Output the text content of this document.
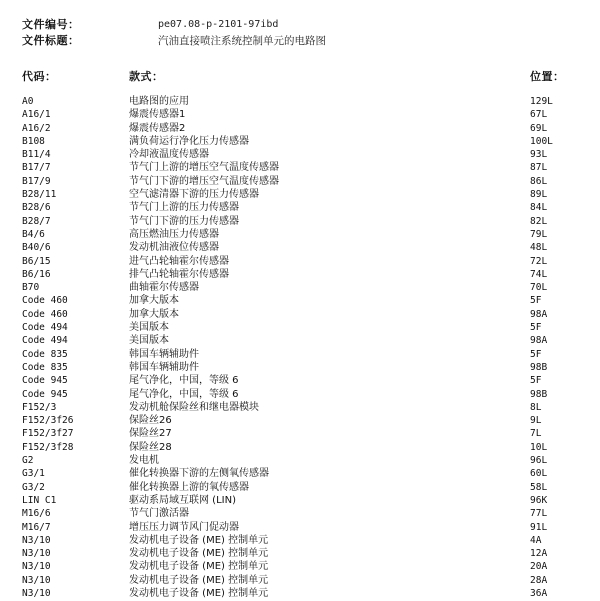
文件编号：	pe07.08-p-2101-97ibd
文件标题：	汽油直接喷注系统控制单元的电路图
代码：	款式：	位置：
A0	电路图的应用	129L
A16/1	爆震传感器1	67L
A16/2	爆震传感器2	69L
B108	满负荷运行净化压力传感器	100L
B11/4	冷却液温度传感器	93L
B17/7	节气门上游的增压空气温度传感器	87L
B17/9	节气门下游的增压空气温度传感器	86L
B28/11	空气滤清器下游的压力传感器	89L
B28/6	节气门上游的压力传感器	84L
B28/7	节气门下游的压力传感器	82L
B4/6	高压燃油压力传感器	79L
B40/6	发动机油液位传感器	48L
B6/15	进气凸轮轴霍尔传感器	72L
B6/16	排气凸轮轴霍尔传感器	74L
B70	曲轴霍尔传感器	70L
Code 460	加拿大版本	5F
Code 460	加拿大版本	98A
Code 494	美国版本	5F
Code 494	美国版本	98A
Code 835	韩国车辆辅助件	5F
Code 835	韩国车辆辅助件	98B
Code 945	尾气净化，中国，等级 6	5F
Code 945	尾气净化，中国，等级 6	98B
F152/3	发动机舱保险丝和继电器模块	8L
F152/3f26	保险丝26	9L
F152/3f27	保险丝27	7L
F152/3f28	保险丝28	10L
G2	发电机	96L
G3/1	催化转换器下游的左侧氧传感器	60L
G3/2	催化转换器上游的氧传感器	58L
LIN C1	驱动系局域互联网 (LIN)	96K
M16/6	节气门激活器	77L
M16/7	增压压力调节风门促动器	91L
N3/10	发动机电子设备 (ME) 控制单元	4A
N3/10	发动机电子设备 (ME) 控制单元	12A
N3/10	发动机电子设备 (ME) 控制单元	20A
N3/10	发动机电子设备 (ME) 控制单元	28A
N3/10	发动机电子设备 (ME) 控制单元	36A
